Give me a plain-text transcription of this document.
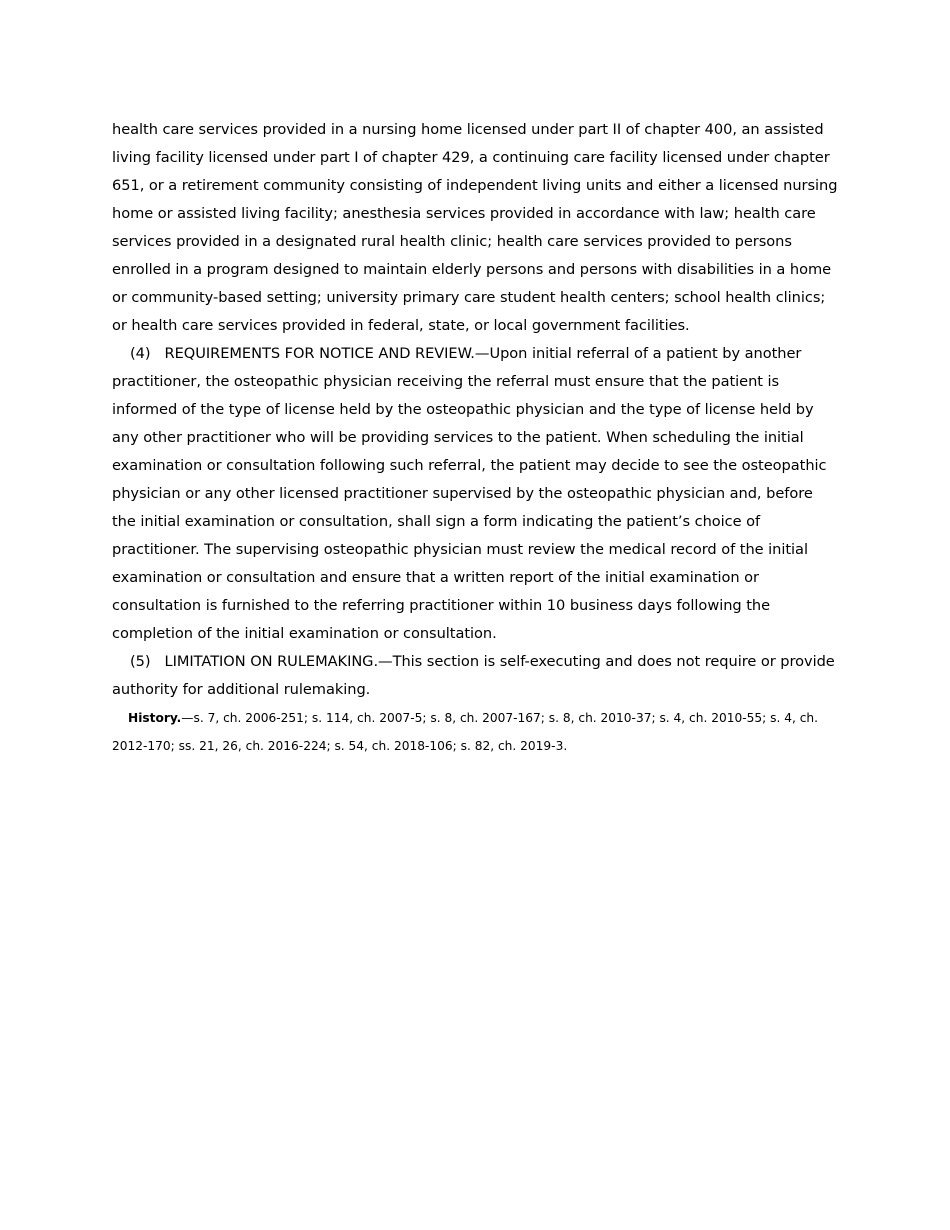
health care services provided in a nursing home licensed under part II of chapter 400, an assisted living facility licensed under part I of chapter 429, a continuing care facility licensed under chapter 651, or a retirement community consisting of independent living units and either a licensed nursing home or assisted living facility; anesthesia services provided in accordance with law; health care services provided in a designated rural health clinic; health care services provided to persons enrolled in a program designed to maintain elderly persons and persons with disabilities in a home or community-based setting; university primary care student health centers; school health clinics; or health care services provided in federal, state, or local government facilities.

(4) REQUIREMENTS FOR NOTICE AND REVIEW.—Upon initial referral of a patient by another practitioner, the osteopathic physician receiving the referral must ensure that the patient is informed of the type of license held by the osteopathic physician and the type of license held by any other practitioner who will be providing services to the patient. When scheduling the initial examination or consultation following such referral, the patient may decide to see the osteopathic physician or any other licensed practitioner supervised by the osteopathic physician and, before the initial examination or consultation, shall sign a form indicating the patient’s choice of practitioner. The supervising osteopathic physician must review the medical record of the initial examination or consultation and ensure that a written report of the initial examination or consultation is furnished to the referring practitioner within 10 business days following the completion of the initial examination or consultation.

(5) LIMITATION ON RULEMAKING.—This section is self-executing and does not require or provide authority for additional rulemaking.

History.—s. 7, ch. 2006-251; s. 114, ch. 2007-5; s. 8, ch. 2007-167; s. 8, ch. 2010-37; s. 4, ch. 2010-55; s. 4, ch. 2012-170; ss. 21, 26, ch. 2016-224; s. 54, ch. 2018-106; s. 82, ch. 2019-3.
